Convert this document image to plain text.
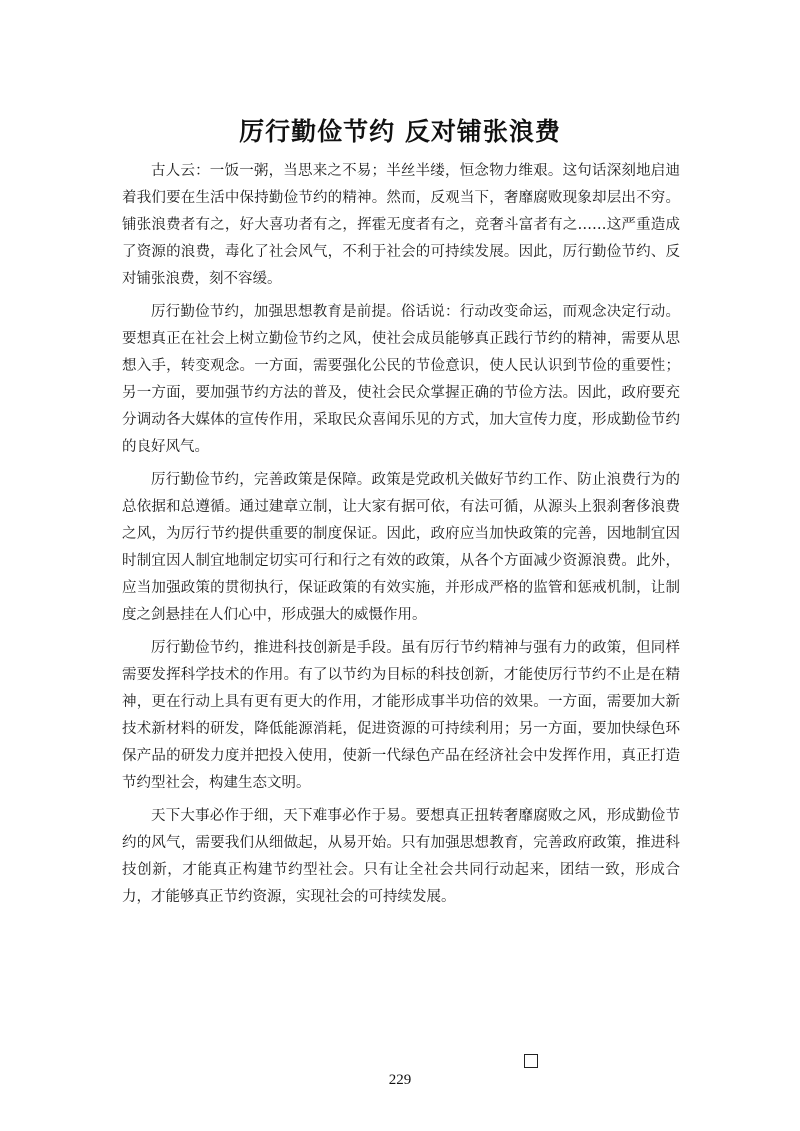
厉行勤俭节约 反对铺张浪费

古人云：一饭一粥，当思来之不易；半丝半缕，恒念物力维艰。这句话深刻地启迪着我们要在生活中保持勤俭节约的精神。然而，反观当下，奢靡腐败现象却层出不穷。铺张浪费者有之，好大喜功者有之，挥霍无度者有之，竞奢斗富者有之……这严重造成了资源的浪费，毒化了社会风气，不利于社会的可持续发展。因此，厉行勤俭节约、反对铺张浪费，刻不容缓。

厉行勤俭节约，加强思想教育是前提。俗话说：行动改变命运，而观念决定行动。要想真正在社会上树立勤俭节约之风，使社会成员能够真正践行节约的精神，需要从思想入手，转变观念。一方面，需要强化公民的节俭意识，使人民认识到节俭的重要性；另一方面，要加强节约方法的普及，使社会民众掌握正确的节俭方法。因此，政府要充分调动各大媒体的宣传作用，采取民众喜闻乐见的方式，加大宣传力度，形成勤俭节约的良好风气。

厉行勤俭节约，完善政策是保障。政策是党政机关做好节约工作、防止浪费行为的总依据和总遵循。通过建章立制，让大家有据可依，有法可循，从源头上狠刹奢侈浪费之风，为厉行节约提供重要的制度保证。因此，政府应当加快政策的完善，因地制宜因时制宜因人制宜地制定切实可行和行之有效的政策，从各个方面减少资源浪费。此外，应当加强政策的贯彻执行，保证政策的有效实施，并形成严格的监管和惩戒机制，让制度之剑悬挂在人们心中，形成强大的威慑作用。

厉行勤俭节约，推进科技创新是手段。虽有厉行节约精神与强有力的政策，但同样需要发挥科学技术的作用。有了以节约为目标的科技创新，才能使厉行节约不止是在精神，更在行动上具有更有更大的作用，才能形成事半功倍的效果。一方面，需要加大新技术新材料的研发，降低能源消耗，促进资源的可持续利用；另一方面，要加快绿色环保产品的研发力度并把投入使用，使新一代绿色产品在经济社会中发挥作用，真正打造节约型社会，构建生态文明。

天下大事必作于细，天下难事必作于易。要想真正扭转奢靡腐败之风，形成勤俭节约的风气，需要我们从细做起，从易开始。只有加强思想教育，完善政府政策，推进科技创新，才能真正构建节约型社会。只有让全社会共同行动起来，团结一致，形成合力，才能够真正节约资源，实现社会的可持续发展。

229
